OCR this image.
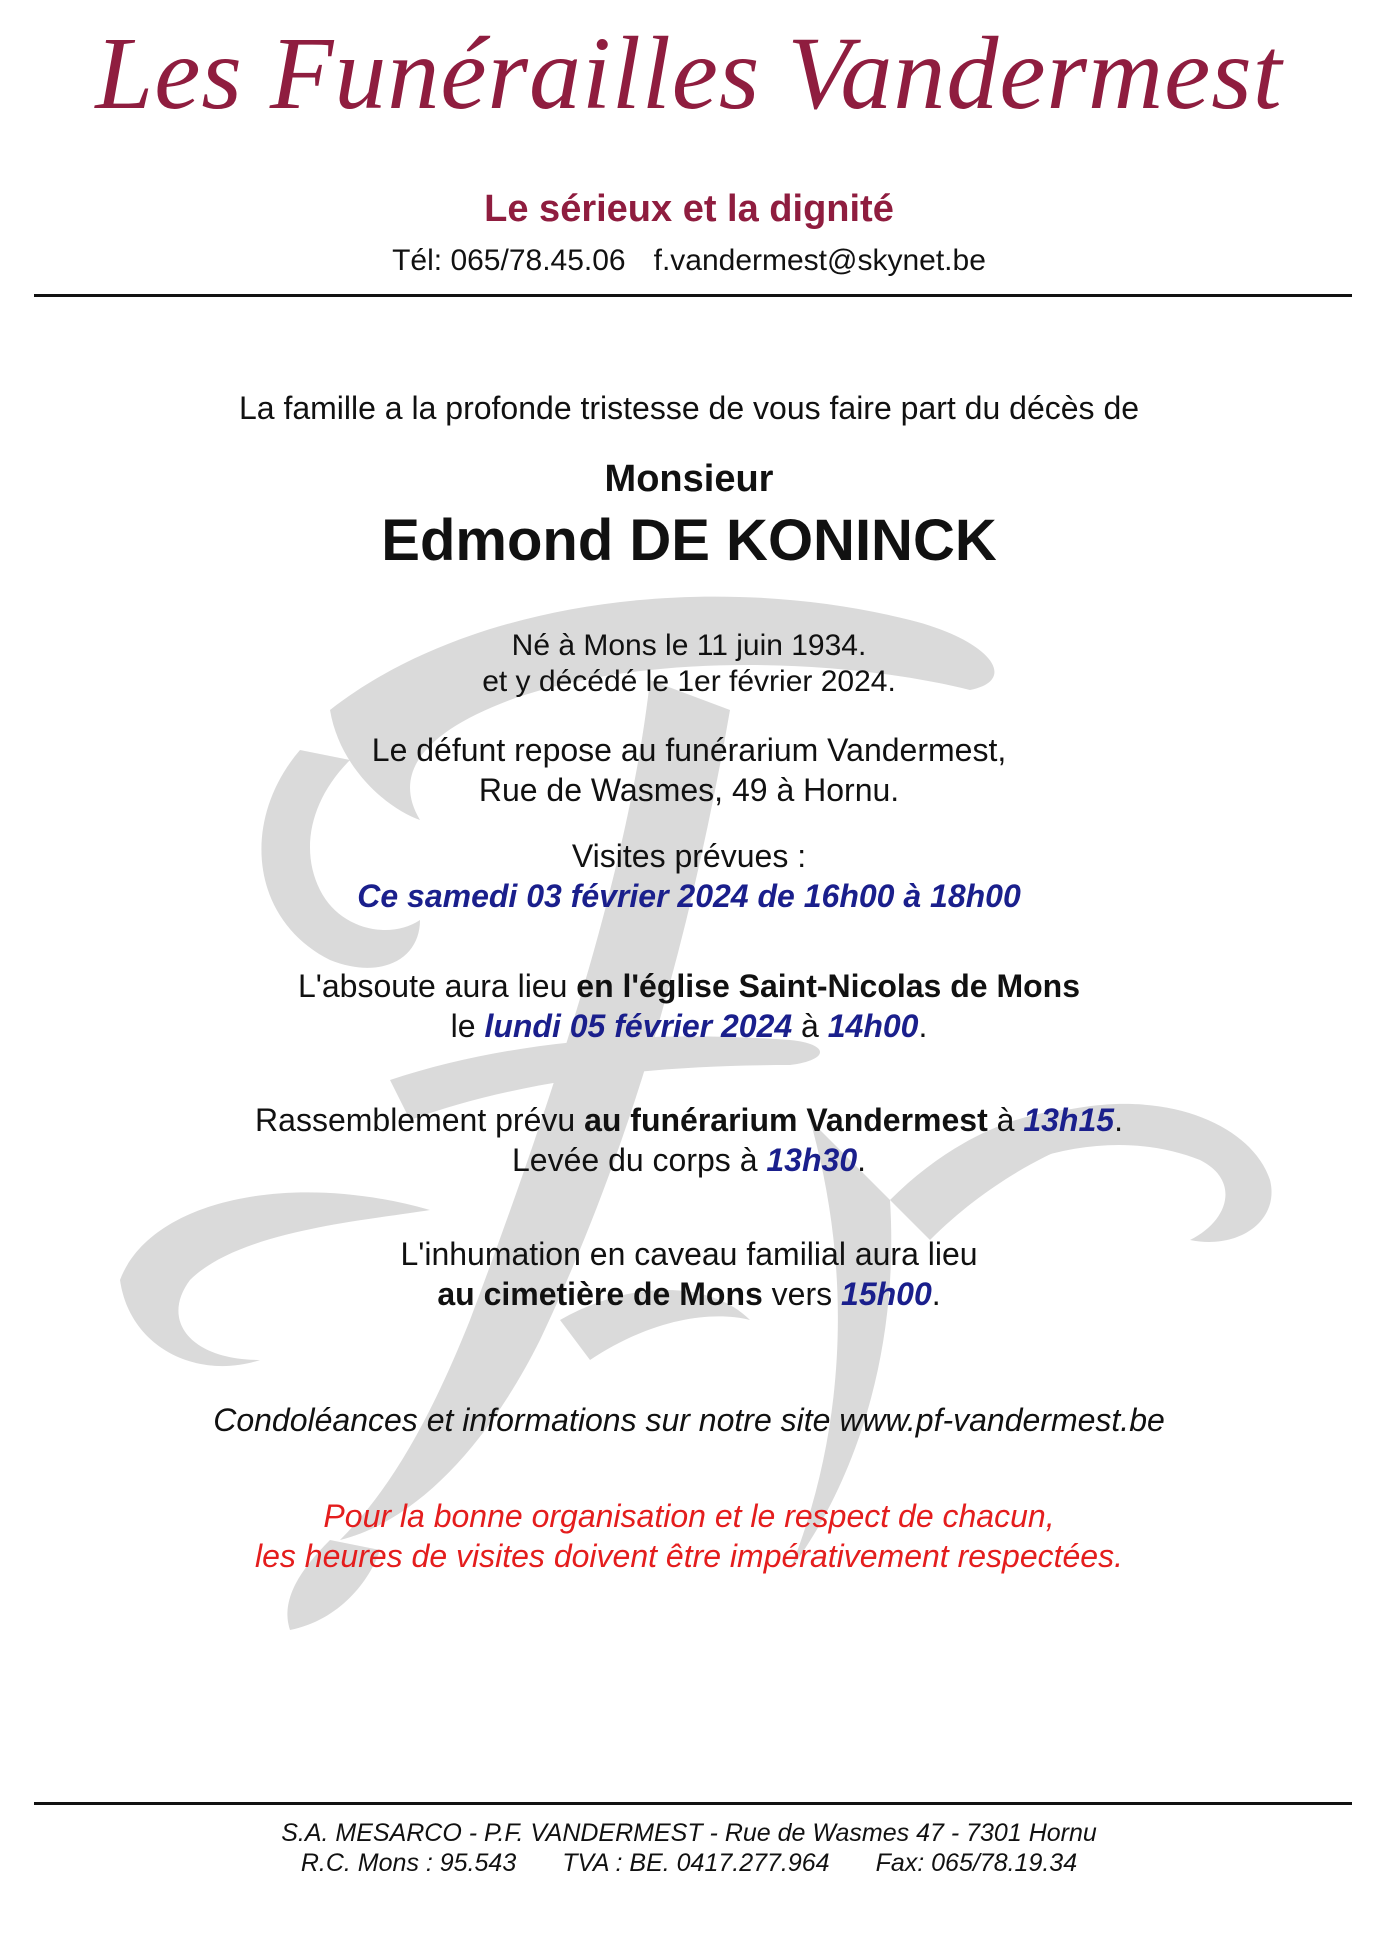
Les Funérailles Vandermest
Le sérieux et la dignité
Tél: 065/78.45.06 f.vandermest@skynet.be
La famille a la profonde tristesse de vous faire part du décès de
Monsieur
Edmond DE KONINCK
Né à Mons le 11 juin 1934.
et y décédé le 1er février 2024.
Le défunt repose au funérarium Vandermest,
Rue de Wasmes, 49 à Hornu.
Visites prévues :
Ce samedi 03 février 2024 de 16h00 à 18h00
L'absoute aura lieu en l'église Saint-Nicolas de Mons
le lundi 05 février 2024 à 14h00.
Rassemblement prévu au funérarium Vandermest à 13h15.
Levée du corps à 13h30.
L'inhumation en caveau familial aura lieu
au cimetière de Mons vers 15h00.
Condoléances et informations sur notre site www.pf-vandermest.be
Pour la bonne organisation et le respect de chacun,
les heures de visites doivent être impérativement respectées.
S.A. MESARCO - P.F. VANDERMEST - Rue de Wasmes 47 - 7301 Hornu
R.C. Mons : 95.543 TVA : BE. 0417.277.964 Fax: 065/78.19.34
